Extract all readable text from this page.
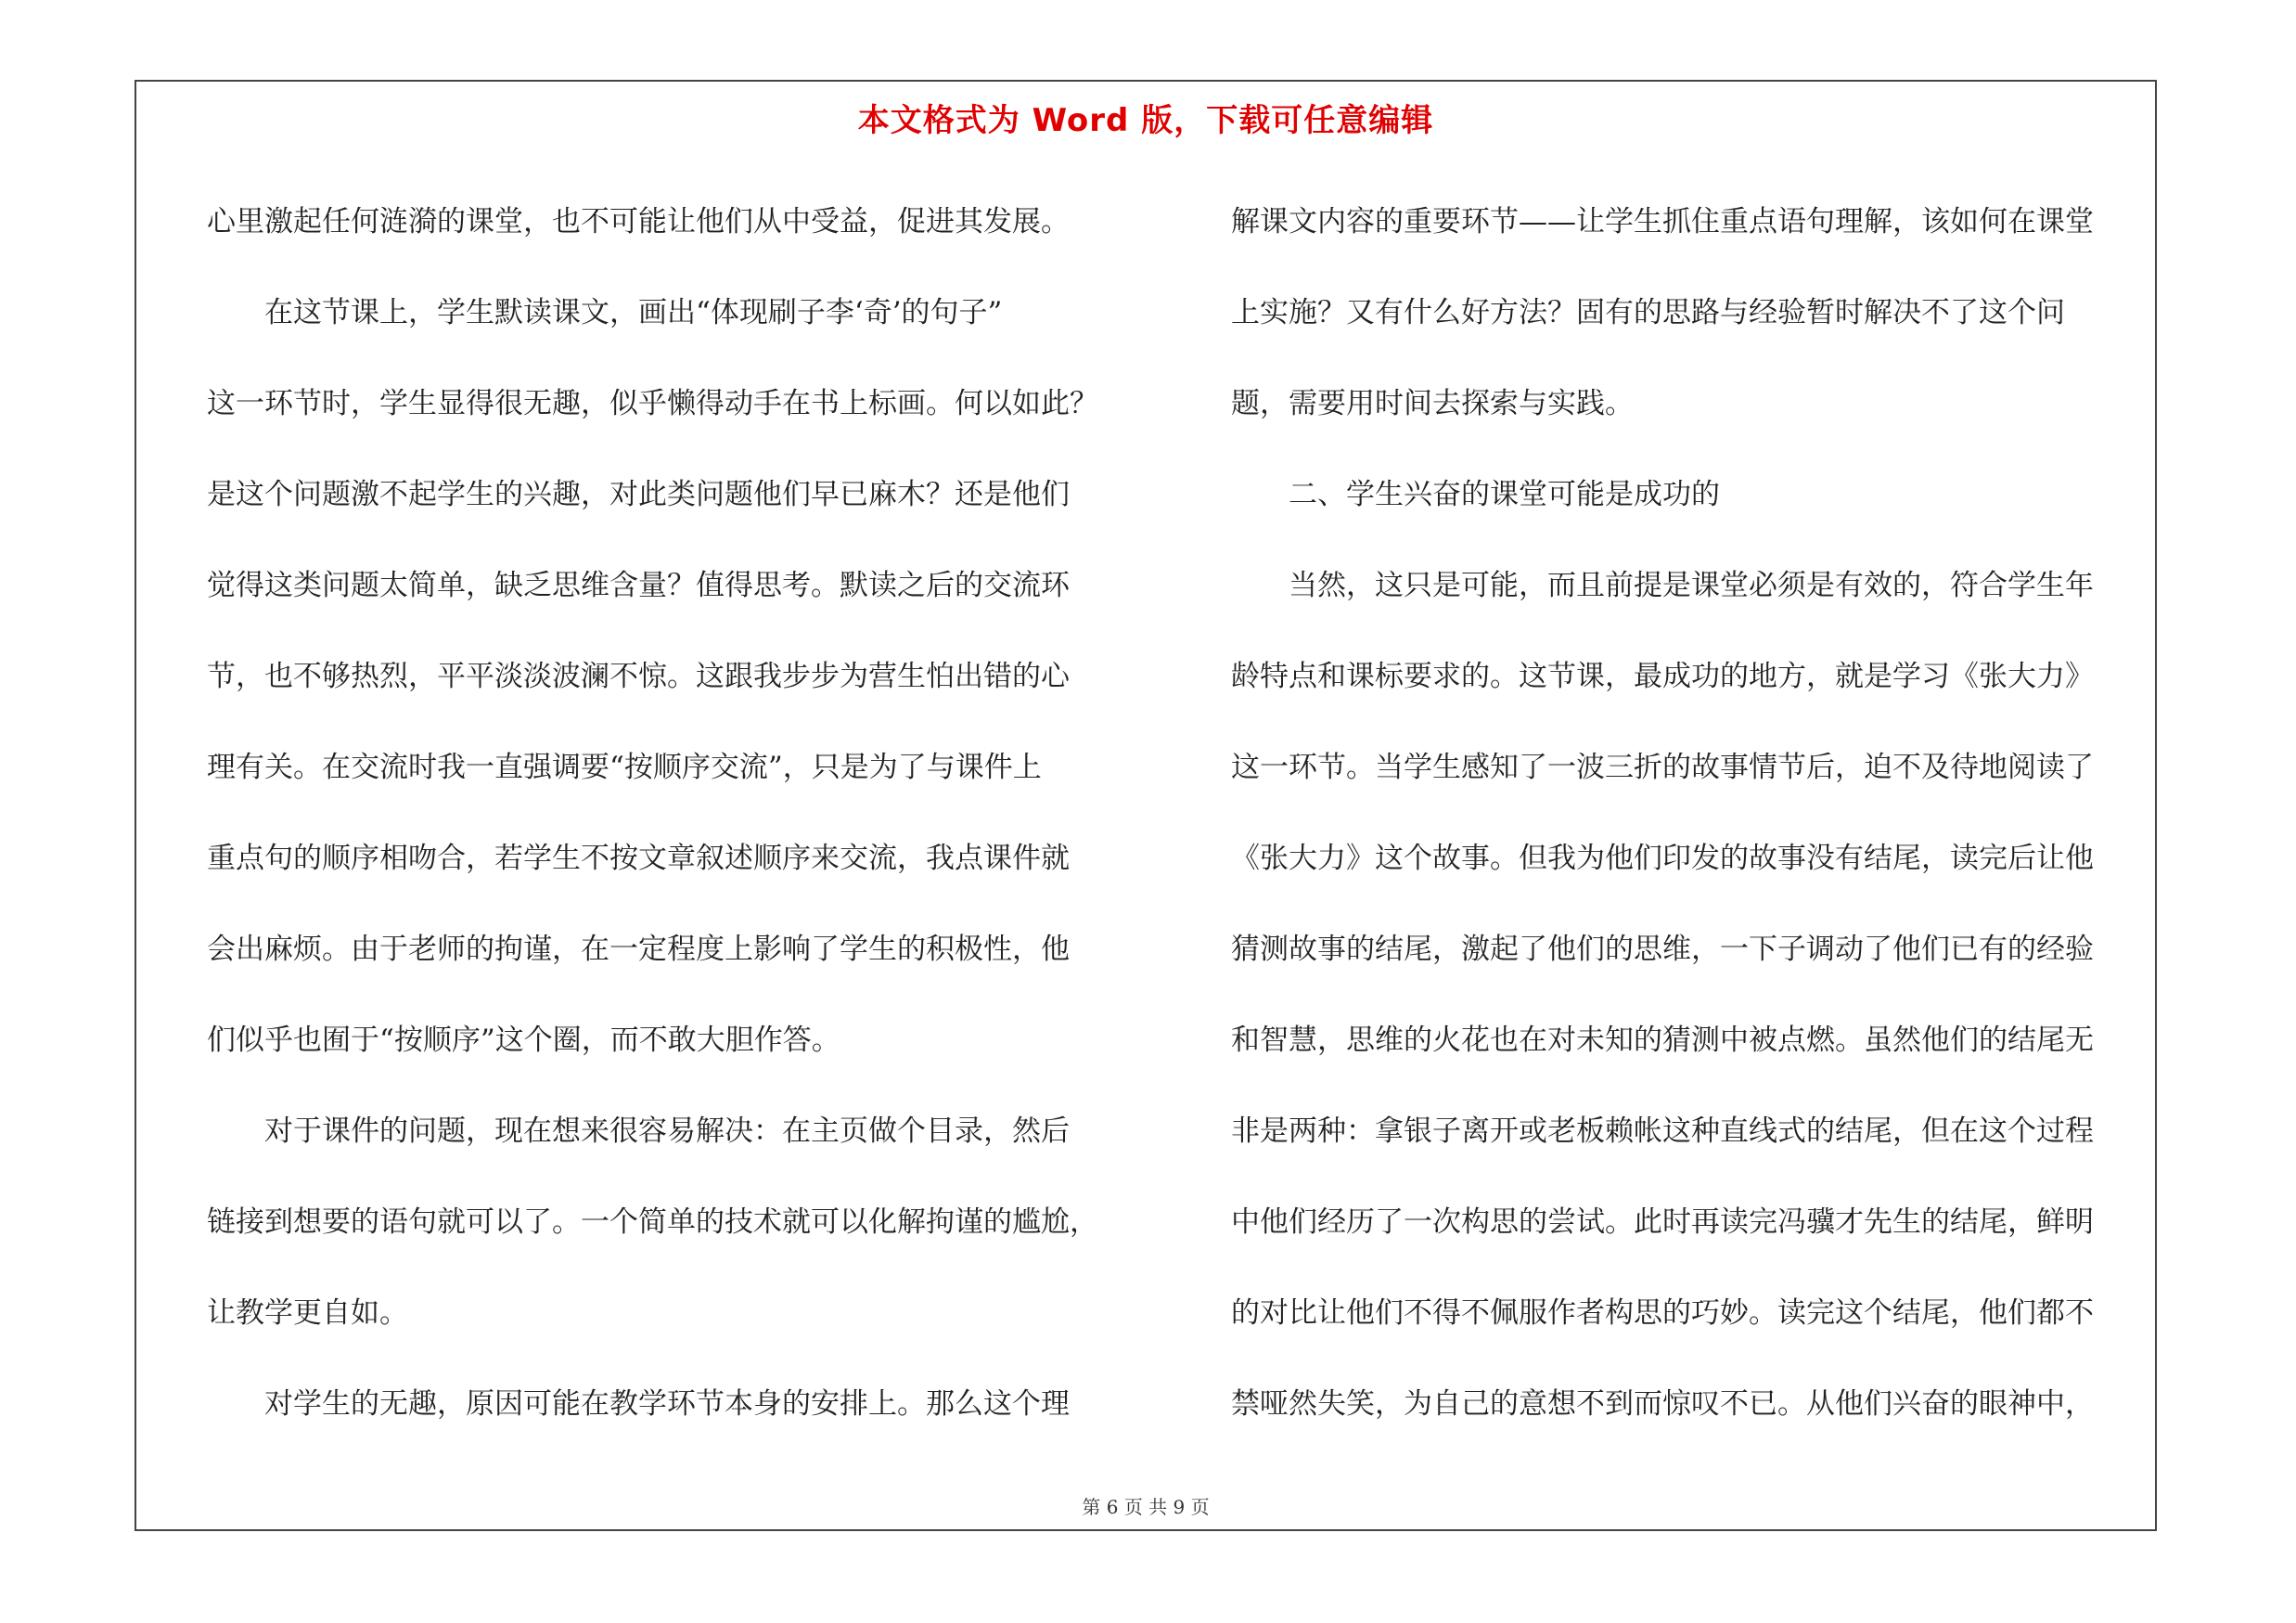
本文格式为 Word 版，下载可任意编辑
心里激起任何涟漪的课堂，也不可能让他们从中受益，促进其发展。
　　在这节课上，学生默读课文，画出“体现刷子李‘奇’的句子”
这一环节时，学生显得很无趣，似乎懒得动手在书上标画。何以如此？
是这个问题激不起学生的兴趣，对此类问题他们早已麻木？还是他们
觉得这类问题太简单，缺乏思维含量？值得思考。默读之后的交流环
节，也不够热烈，平平淡淡波澜不惊。这跟我步步为营生怕出错的心
理有关。在交流时我一直强调要“按顺序交流”，只是为了与课件上
重点句的顺序相吻合，若学生不按文章叙述顺序来交流，我点课件就
会出麻烦。由于老师的拘谨，在一定程度上影响了学生的积极性，他
们似乎也囿于“按顺序”这个圈，而不敢大胆作答。
　　对于课件的问题，现在想来很容易解决：在主页做个目录，然后
链接到想要的语句就可以了。一个简单的技术就可以化解拘谨的尴尬，
让教学更自如。
　　对学生的无趣，原因可能在教学环节本身的安排上。那么这个理
解课文内容的重要环节——让学生抓住重点语句理解，该如何在课堂
上实施？又有什么好方法？固有的思路与经验暂时解决不了这个问
题，需要用时间去探索与实践。
　　二、学生兴奋的课堂可能是成功的
　　当然，这只是可能，而且前提是课堂必须是有效的，符合学生年
龄特点和课标要求的。这节课，最成功的地方，就是学习《张大力》
这一环节。当学生感知了一波三折的故事情节后，迫不及待地阅读了
《张大力》这个故事。但我为他们印发的故事没有结尾，读完后让他
猜测故事的结尾，激起了他们的思维，一下子调动了他们已有的经验
和智慧，思维的火花也在对未知的猜测中被点燃。虽然他们的结尾无
非是两种：拿银子离开或老板赖帐这种直线式的结尾，但在这个过程
中他们经历了一次构思的尝试。此时再读完冯骥才先生的结尾，鲜明
的对比让他们不得不佩服作者构思的巧妙。读完这个结尾，他们都不
禁哑然失笑，为自己的意想不到而惊叹不已。从他们兴奋的眼神中，
第 6 页 共 9 页
